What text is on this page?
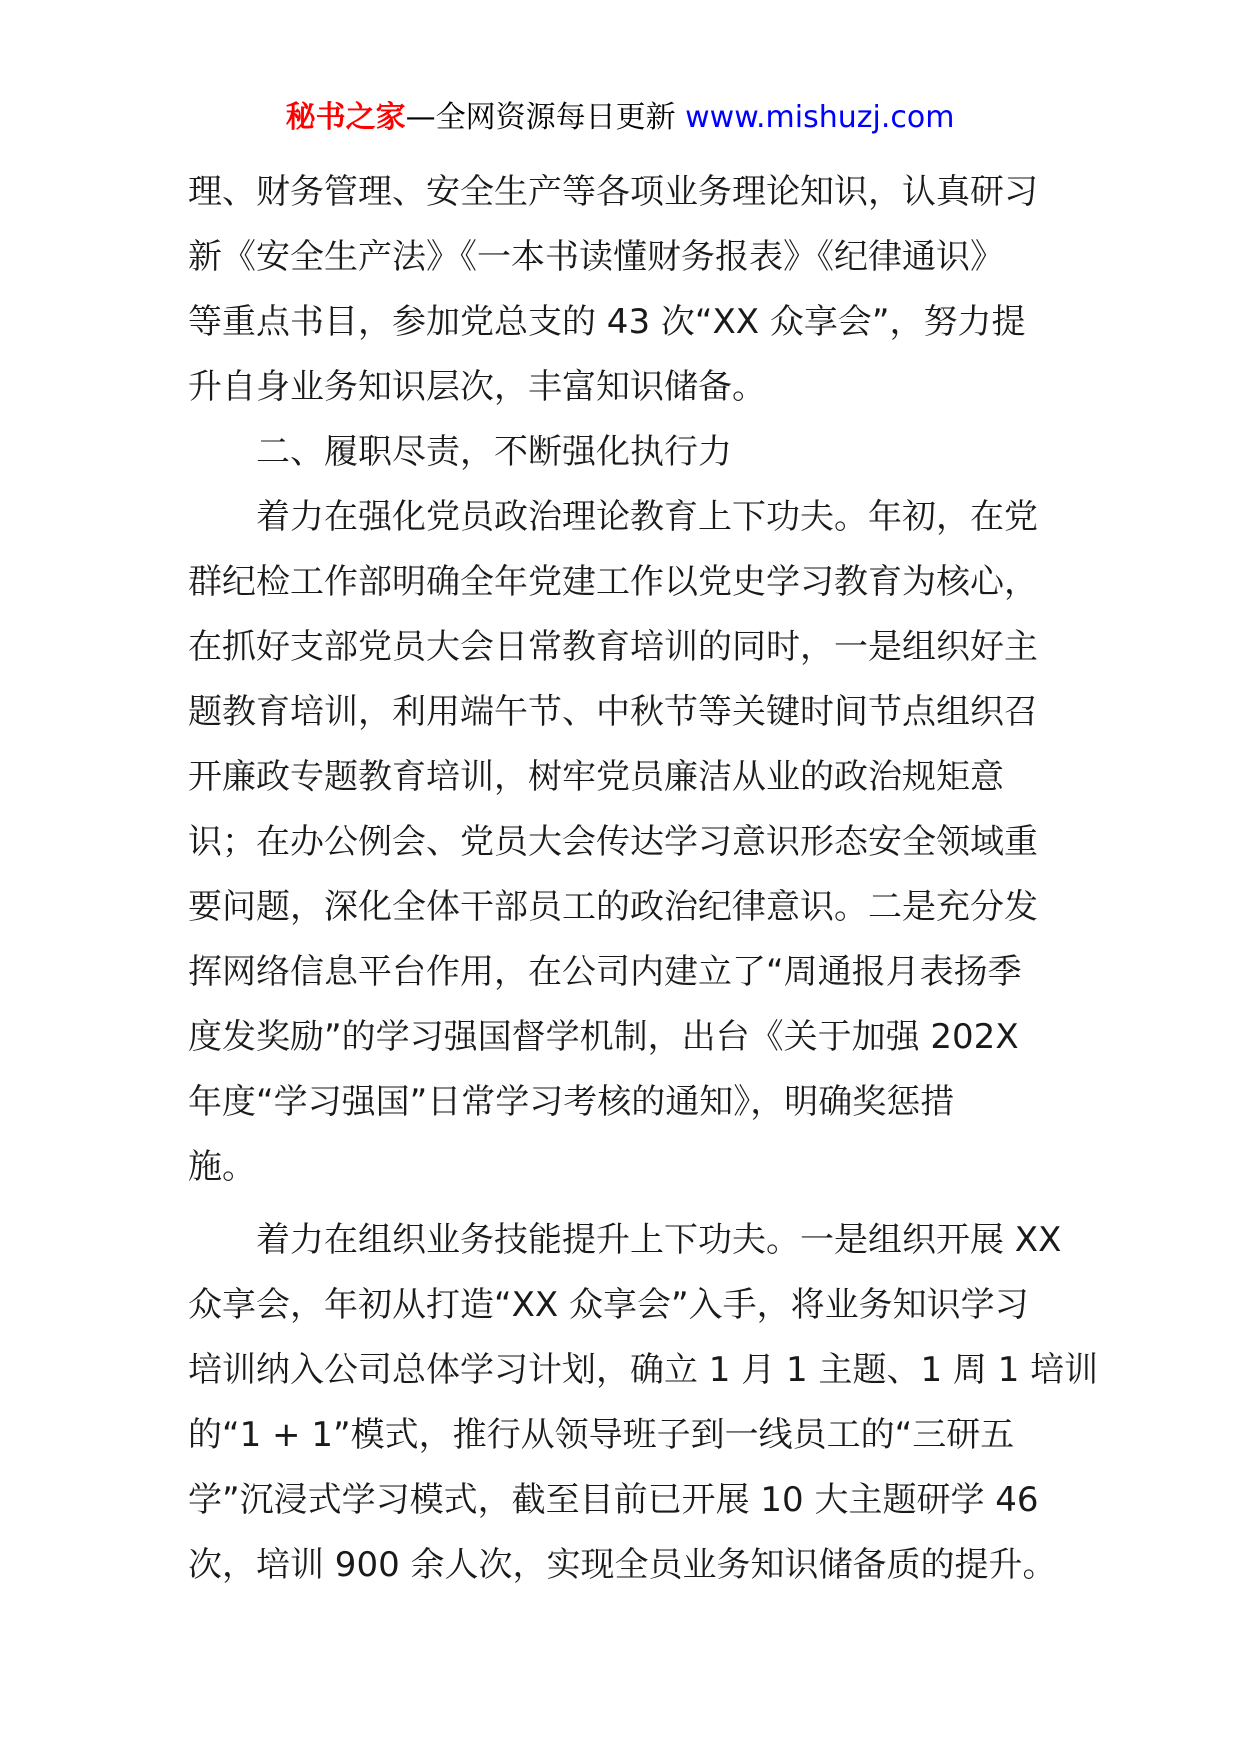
秘书之家—全网资源每日更新 www.mishuzj.com

理、财务管理、安全生产等各项业务理论知识，认真研习
新《安全生产法》《一本书读懂财务报表》《纪律通识》
等重点书目，参加党总支的 43 次“XX 众享会”，努力提
升自身业务知识层次，丰富知识储备。

二、履职尽责，不断强化执行力

着力在强化党员政治理论教育上下功夫。年初，在党
群纪检工作部明确全年党建工作以党史学习教育为核心，
在抓好支部党员大会日常教育培训的同时，一是组织好主
题教育培训，利用端午节、中秋节等关键时间节点组织召
开廉政专题教育培训，树牢党员廉洁从业的政治规矩意
识；在办公例会、党员大会传达学习意识形态安全领域重
要问题，深化全体干部员工的政治纪律意识。二是充分发
挥网络信息平台作用，在公司内建立了“周通报月表扬季
度发奖励”的学习强国督学机制，出台《关于加强 202X
年度“学习强国”日常学习考核的通知》，明确奖惩措
施。

着力在组织业务技能提升上下功夫。一是组织开展 XX
众享会，年初从打造“XX 众享会”入手，将业务知识学习
培训纳入公司总体学习计划，确立 1 月 1 主题、1 周 1 培训
的“1 + 1”模式，推行从领导班子到一线员工的“三研五
学”沉浸式学习模式，截至目前已开展 10 大主题研学 46
次，培训 900 余人次，实现全员业务知识储备质的提升。
